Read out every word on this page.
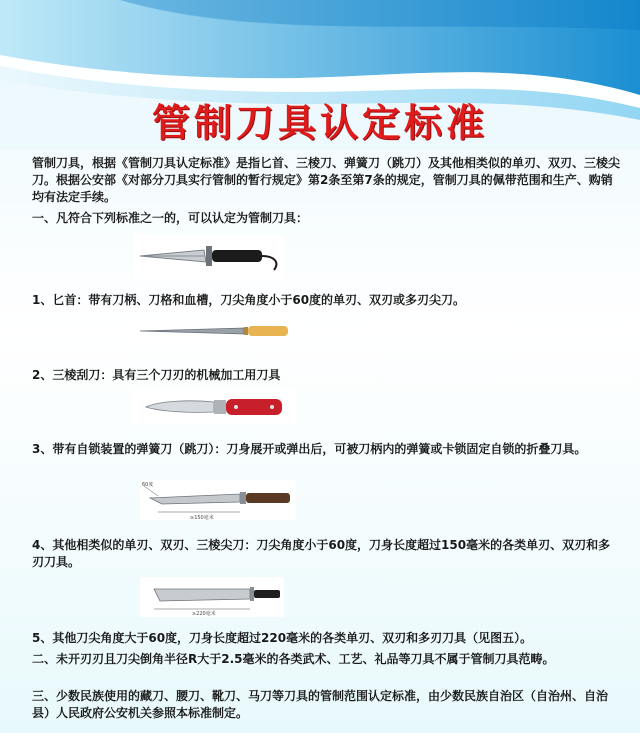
管制刀具认定标准
管制刀具，根据《管制刀具认定标准》是指匕首、三棱刀、弹簧刀（跳刀）及其他相类似的单刃、双刃、三棱尖刀。根据公安部《对部分刀具实行管制的暂行规定》第2条至第7条的规定，管制刀具的佩带范围和生产、购销均有法定手续。
一、凡符合下列标准之一的，可以认定为管制刀具：
1、匕首：带有刀柄、刀格和血槽，刀尖角度小于60度的单刃、双刃或多刃尖刀。
2、三棱刮刀：具有三个刀刃的机械加工用刀具
3、带有自锁装置的弹簧刀（跳刀）：刀身展开或弹出后，可被刀柄内的弹簧或卡锁固定自锁的折叠刀具。
60度
≥150毫米
4、其他相类似的单刃、双刃、三棱尖刀：刀尖角度小于60度，刀身长度超过150毫米的各类单刃、双刃和多刃刀具。
≥220毫米
5、其他刀尖角度大于60度，刀身长度超过220毫米的各类单刃、双刃和多刃刀具（见图五）。
二、未开刃刃且刀尖倒角半径R大于2.5毫米的各类武术、工艺、礼品等刀具不属于管制刀具范畴。
三、少数民族使用的藏刀、腰刀、靴刀、马刀等刀具的管制范围认定标准，由少数民族自治区（自治州、自治县）人民政府公安机关参照本标准制定。
